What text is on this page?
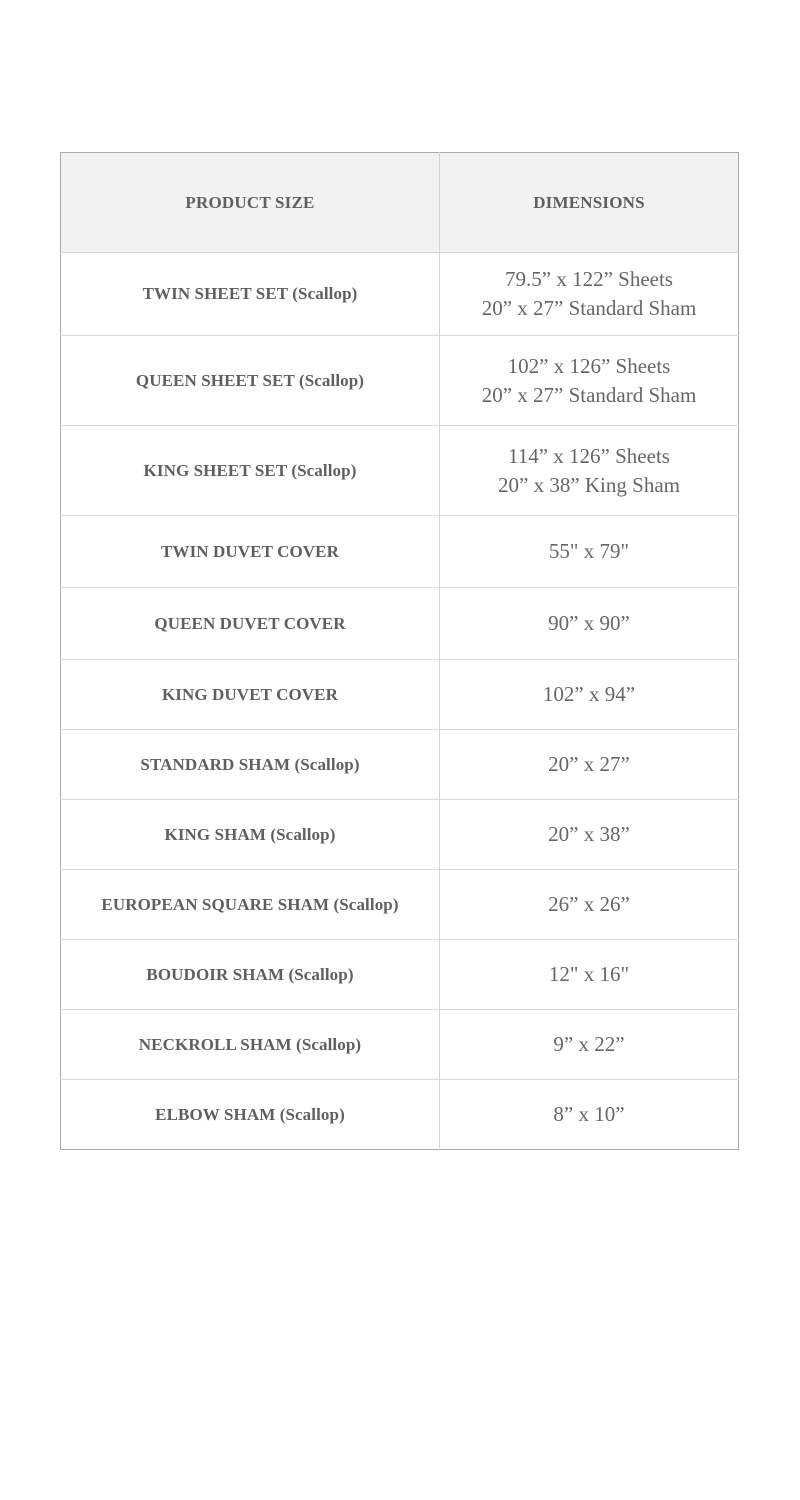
PRODUCT SIZE	DIMENSIONS
TWIN SHEET SET (Scallop)	79.5” x 122” Sheets
20” x 27” Standard Sham

QUEEN SHEET SET (Scallop)	102” x 126” Sheets
20” x 27” Standard Sham

KING SHEET SET (Scallop)	114” x 126” Sheets
20” x 38” King Sham

TWIN DUVET COVER	55" x 79"

QUEEN DUVET COVER	90” x 90”

KING DUVET COVER	102” x 94”

STANDARD SHAM (Scallop)	20” x 27”

KING SHAM (Scallop)	20” x 38”

EUROPEAN SQUARE SHAM (Scallop)	26” x 26”

BOUDOIR SHAM (Scallop)	12" x 16"

NECKROLL SHAM (Scallop)	9” x 22”

ELBOW SHAM (Scallop)	8” x 10”
